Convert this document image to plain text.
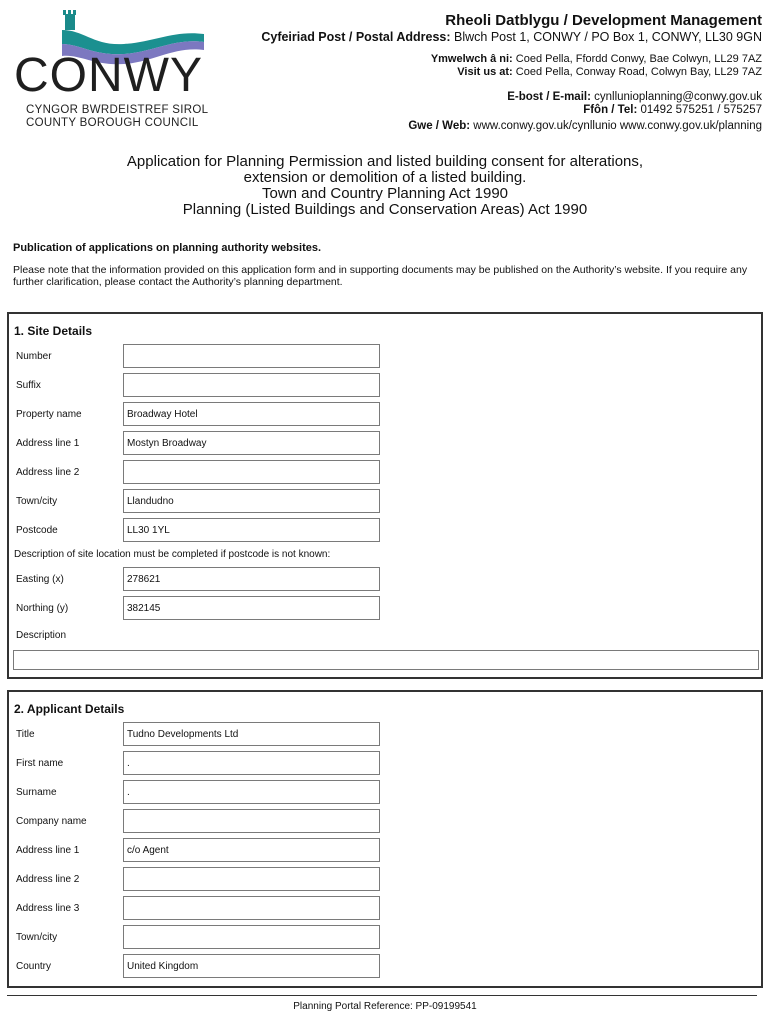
CONWY
CYNGOR BWRDEISTREF SIROL
COUNTY BOROUGH COUNCIL
Rheoli Datblygu / Development Management
Cyfeiriad Post / Postal Address: Blwch Post 1, CONWY / PO Box 1, CONWY, LL30 9GN
Ymwelwch â ni: Coed Pella, Ffordd Conwy, Bae Colwyn, LL29 7AZ
Visit us at: Coed Pella, Conway Road, Colwyn Bay, LL29 7AZ
E-bost / E-mail: cynllunioplanning@conwy.gov.uk
Ffôn / Tel: 01492 575251 / 575257
Gwe / Web: www.conwy.gov.uk/cynllunio www.conwy.gov.uk/planning
Application for Planning Permission and listed building consent for alterations,
extension or demolition of a listed building.
Town and Country Planning Act 1990
Planning (Listed Buildings and Conservation Areas) Act 1990
Publication of applications on planning authority websites.
Please note that the information provided on this application form and in supporting documents may be published on the Authority’s website. If you require any further clarification, please contact the Authority’s planning department.
1. Site Details
Number
Suffix
Property name	Broadway Hotel
Address line 1	Mostyn Broadway
Address line 2
Town/city	Llandudno
Postcode	LL30 1YL
Description of site location must be completed if postcode is not known:
Easting (x)	278621
Northing (y)	382145
Description
2. Applicant Details
Title	Tudno Developments Ltd
First name	.
Surname	.
Company name
Address line 1	c/o Agent
Address line 2
Address line 3
Town/city
Country	United Kingdom
Planning Portal Reference: PP-09199541
